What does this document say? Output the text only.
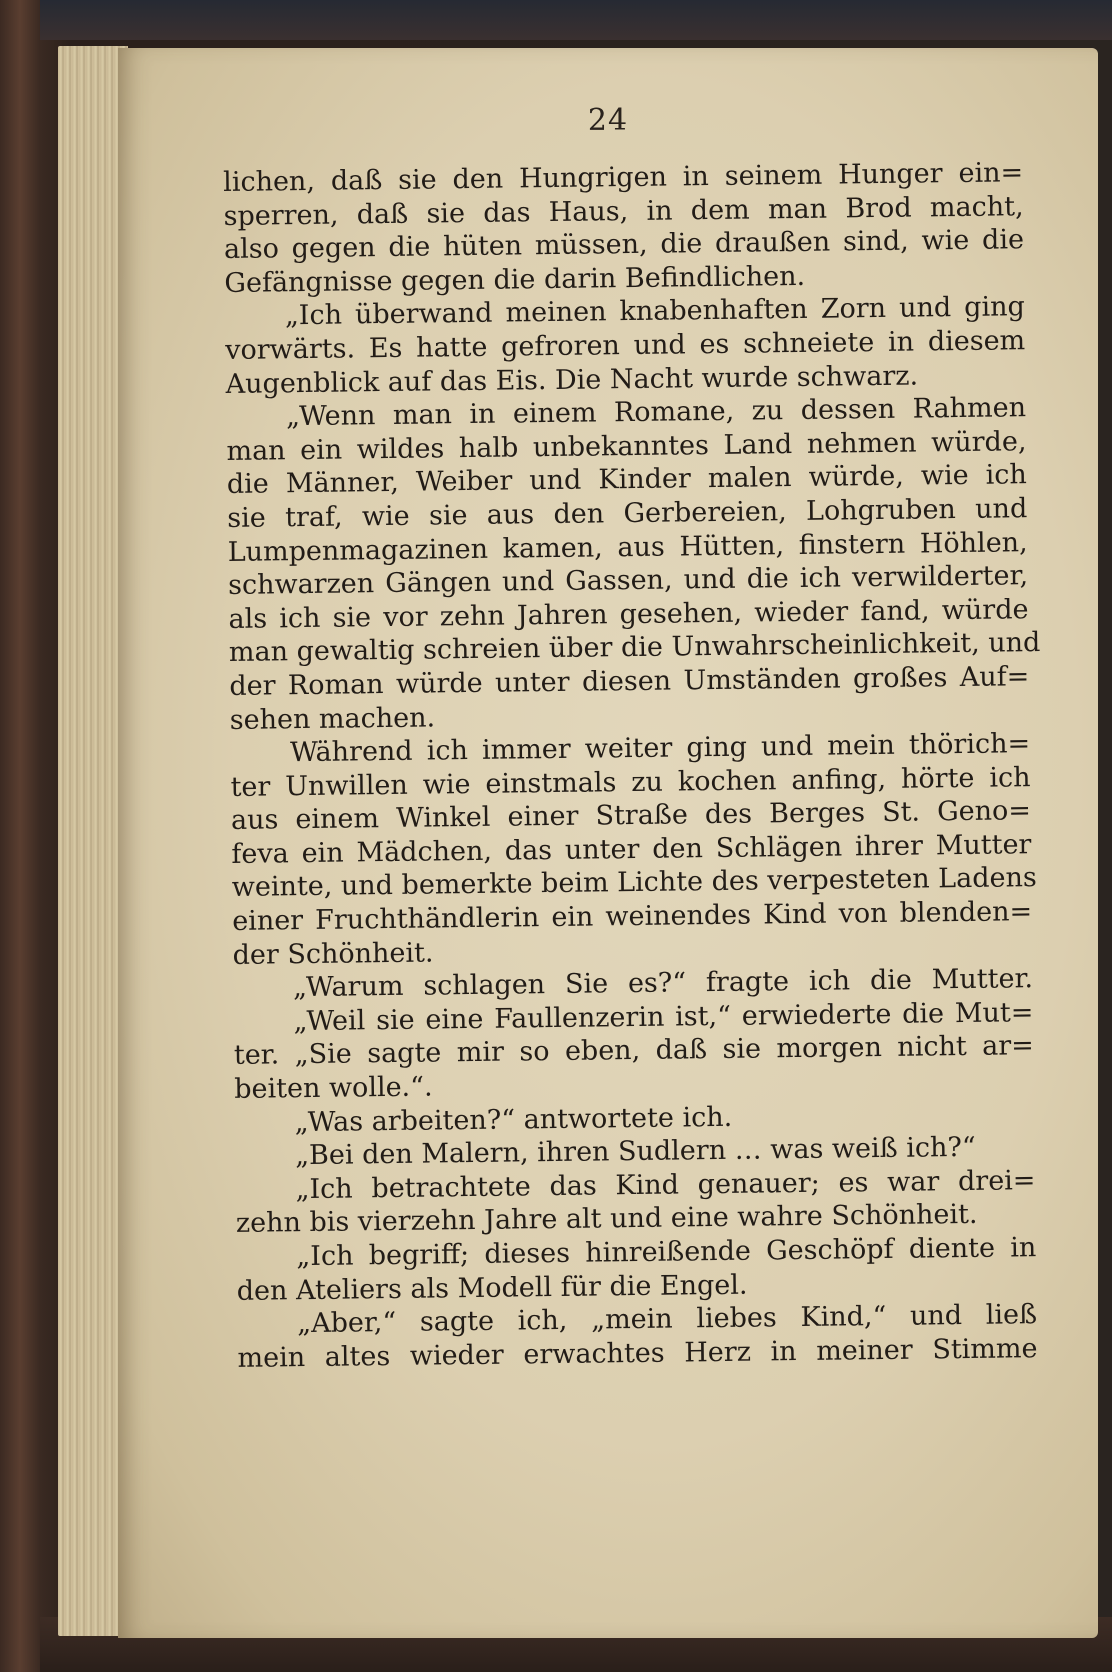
24
lichen, daß sie den Hungrigen in seinem Hunger ein=
sperren, daß sie das Haus, in dem man Brod macht,
also gegen die hüten müssen, die draußen sind, wie die
Gefängnisse gegen die darin Befindlichen.
„Ich überwand meinen knabenhaften Zorn und ging
vorwärts. Es hatte gefroren und es schneiete in diesem
Augenblick auf das Eis. Die Nacht wurde schwarz.
„Wenn man in einem Romane, zu dessen Rahmen
man ein wildes halb unbekanntes Land nehmen würde,
die Männer, Weiber und Kinder malen würde, wie ich
sie traf, wie sie aus den Gerbereien, Lohgruben und
Lumpenmagazinen kamen, aus Hütten, finstern Höhlen,
schwarzen Gängen und Gassen, und die ich verwilderter,
als ich sie vor zehn Jahren gesehen, wieder fand, würde
man gewaltig schreien über die Unwahrscheinlichkeit, und
der Roman würde unter diesen Umständen großes Auf=
sehen machen.
Während ich immer weiter ging und mein thörich=
ter Unwillen wie einstmals zu kochen anfing, hörte ich
aus einem Winkel einer Straße des Berges St. Geno=
feva ein Mädchen, das unter den Schlägen ihrer Mutter
weinte, und bemerkte beim Lichte des verpesteten Ladens
einer Fruchthändlerin ein weinendes Kind von blenden=
der Schönheit.
„Warum schlagen Sie es?“ fragte ich die Mutter.
„Weil sie eine Faullenzerin ist,“ erwiederte die Mut=
ter. „Sie sagte mir so eben, daß sie morgen nicht ar=
beiten wolle.“.
„Was arbeiten?“ antwortete ich.
„Bei den Malern, ihren Sudlern … was weiß ich?“
„Ich betrachtete das Kind genauer; es war drei=
zehn bis vierzehn Jahre alt und eine wahre Schönheit.
„Ich begriff; dieses hinreißende Geschöpf diente in
den Ateliers als Modell für die Engel.
„Aber,“ sagte ich, „mein liebes Kind,“ und ließ
mein altes wieder erwachtes Herz in meiner Stimme
